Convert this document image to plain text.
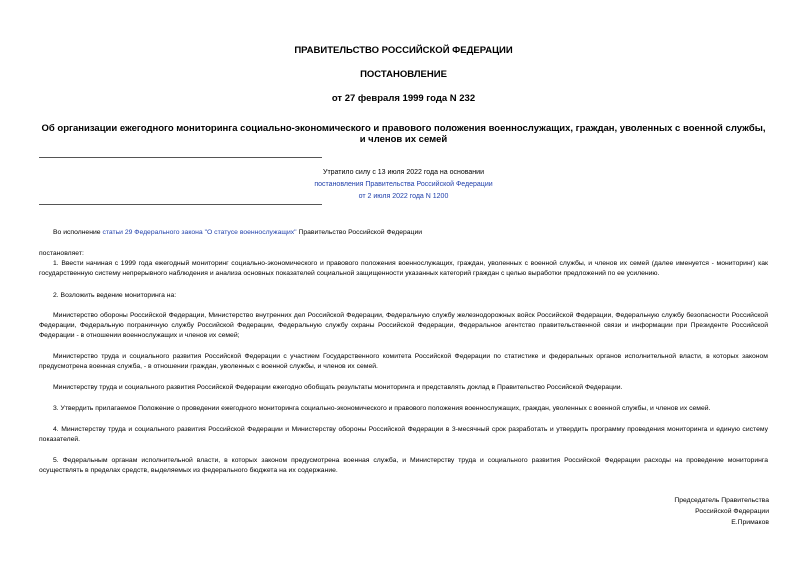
ПРАВИТЕЛЬСТВО РОССИЙСКОЙ ФЕДЕРАЦИИ
ПОСТАНОВЛЕНИЕ
от 27 февраля 1999 года N 232
Об организации ежегодного мониторинга социально-экономического и правового положения военнослужащих, граждан, уволенных с военной службы, и членов их семей
Утратило силу с 13 июля 2022 года на основании
постановления Правительства Российской Федерации
от 2 июля 2022 года N 1200
Во исполнение статьи 29 Федерального закона "О статусе военнослужащих" Правительство Российской Федерации
постановляет:
1. Ввести начиная с 1999 года ежегодный мониторинг социально-экономического и правового положения военнослужащих, граждан, уволенных с военной службы, и членов их семей (далее именуется - мониторинг) как государственную систему непрерывного наблюдения и анализа основных показателей социальной защищенности указанных категорий граждан с целью выработки предложений по ее усилению.
2. Возложить ведение мониторинга на:
Министерство обороны Российской Федерации, Министерство внутренних дел Российской Федерации, Федеральную службу железнодорожных войск Российской Федерации, Федеральную службу безопасности Российской Федерации, Федеральную пограничную службу Российской Федерации, Федеральную службу охраны Российской Федерации, Федеральное агентство правительственной связи и информации при Президенте Российской Федерации - в отношении военнослужащих и членов их семей;
Министерство труда и социального развития Российской Федерации с участием Государственного комитета Российской Федерации по статистике и федеральных органов исполнительной власти, в которых законом предусмотрена военная служба, - в отношении граждан, уволенных с военной службы, и членов их семей.
Министерству труда и социального развития Российской Федерации ежегодно обобщать результаты мониторинга и представлять доклад в Правительство Российской Федерации.
3. Утвердить прилагаемое Положение о проведении ежегодного мониторинга социально-экономического и правового положения военнослужащих, граждан, уволенных с военной службы, и членов их семей.
4. Министерству труда и социального развития Российской Федерации и Министерству обороны Российской Федерации в 3-месячный срок разработать и утвердить программу проведения мониторинга и единую систему показателей.
5. Федеральным органам исполнительной власти, в которых законом предусмотрена военная служба, и Министерству труда и социального развития Российской Федерации расходы на проведение мониторинга осуществлять в пределах средств, выделяемых из федерального бюджета на их содержание.
Председатель Правительства
Российской Федерации
Е.Примаков
